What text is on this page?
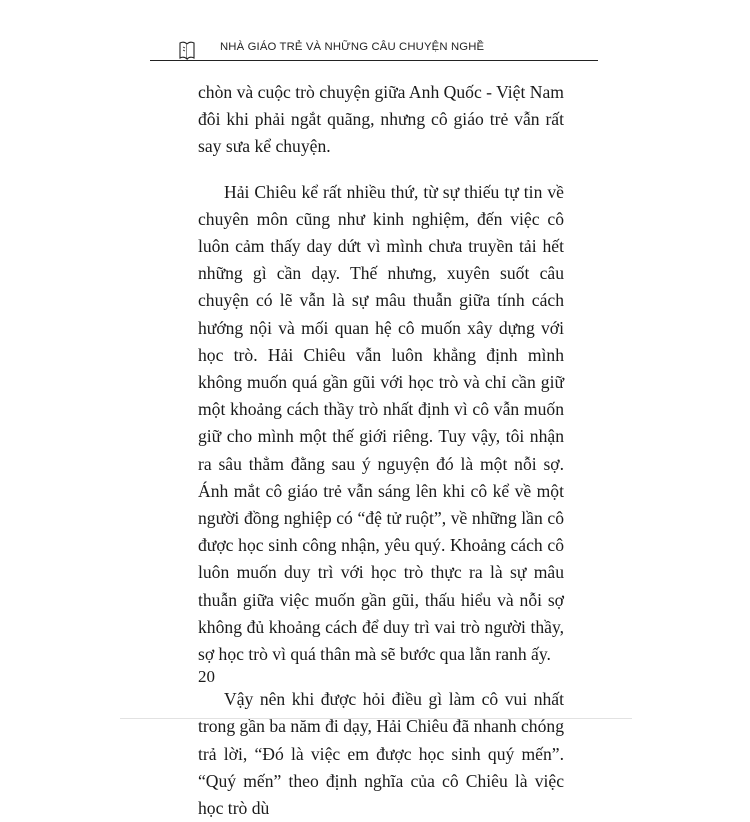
NHÀ GIÁO TRẺ VÀ NHỮNG CÂU CHUYỆN NGHỀ

chòn và cuộc trò chuyện giữa Anh Quốc - Việt Nam đôi khi phải ngắt quãng, nhưng cô giáo trẻ vẫn rất say sưa kể chuyện.

Hải Chiêu kể rất nhiều thứ, từ sự thiếu tự tin về chuyên môn cũng như kinh nghiệm, đến việc cô luôn cảm thấy day dứt vì mình chưa truyền tải hết những gì cần dạy. Thế nhưng, xuyên suốt câu chuyện có lẽ vẫn là sự mâu thuẫn giữa tính cách hướng nội và mối quan hệ cô muốn xây dựng với học trò. Hải Chiêu vẫn luôn khẳng định mình không muốn quá gần gũi với học trò và chỉ cần giữ một khoảng cách thầy trò nhất định vì cô vẫn muốn giữ cho mình một thế giới riêng. Tuy vậy, tôi nhận ra sâu thẳm đằng sau ý nguyện đó là một nỗi sợ. Ánh mắt cô giáo trẻ vẫn sáng lên khi cô kể về một người đồng nghiệp có “đệ tử ruột”, về những lần cô được học sinh công nhận, yêu quý. Khoảng cách cô luôn muốn duy trì với học trò thực ra là sự mâu thuẫn giữa việc muốn gần gũi, thấu hiểu và nỗi sợ không đủ khoảng cách để duy trì vai trò người thầy, sợ học trò vì quá thân mà sẽ bước qua lằn ranh ấy.

Vậy nên khi được hỏi điều gì làm cô vui nhất trong gần ba năm đi dạy, Hải Chiêu đã nhanh chóng trả lời, “Đó là việc em được học sinh quý mến”. “Quý mến” theo định nghĩa của cô Chiêu là việc học trò dù

20
